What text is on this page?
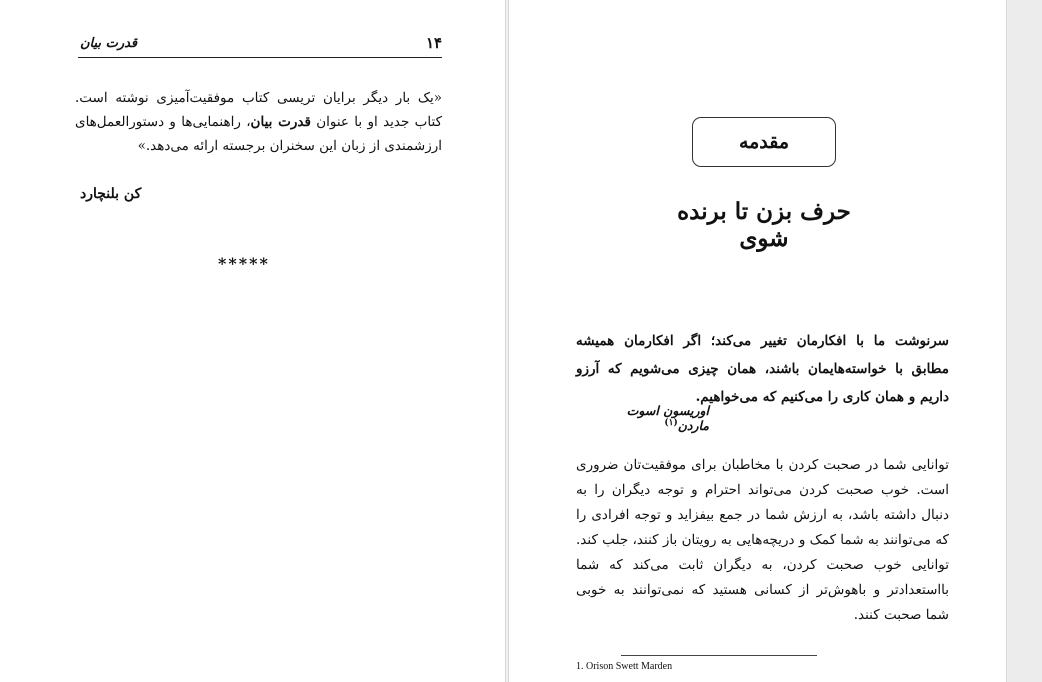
۱۴
قدرت بیان
«یک بار دیگر برایان تریسی کتاب موفقیت‌آمیزی نوشته است. کتاب جدید او با عنوان قدرت بیان، راهنمایی‌ها و دستورالعمل‌های ارزشمندی از زبان این سخنران برجسته ارائه می‌دهد.»
کن بلنچارد
*****
مقدمه
حرف بزن تا برنده شوی
سرنوشت ما با افکارمان تغییر می‌کند؛ اگر افکارمان همیشه مطابق با خواسته‌هایمان باشند، همان چیزی می‌شویم که آرزو داریم و همان کاری را می‌کنیم که می‌خواهیم.
اوریسون اسوت ماردن$^{(۱)}$
توانایی شما در صحبت کردن با مخاطبان برای موفقیت‌تان ضروری است. خوب صحبت کردن می‌تواند احترام و توجه دیگران را به دنبال داشته باشد، به ارزش شما در جمع بیفزاید و توجه افرادی را که می‌توانند به شما کمک و دریچه‌هایی به رویتان باز کنند، جلب کند. توانایی خوب صحبت کردن، به دیگران ثابت می‌کند که شما بااستعدادتر و باهوش‌تر از کسانی هستید که نمی‌توانند به خوبی شما صحبت کنند.
1. Orison Swett Marden
